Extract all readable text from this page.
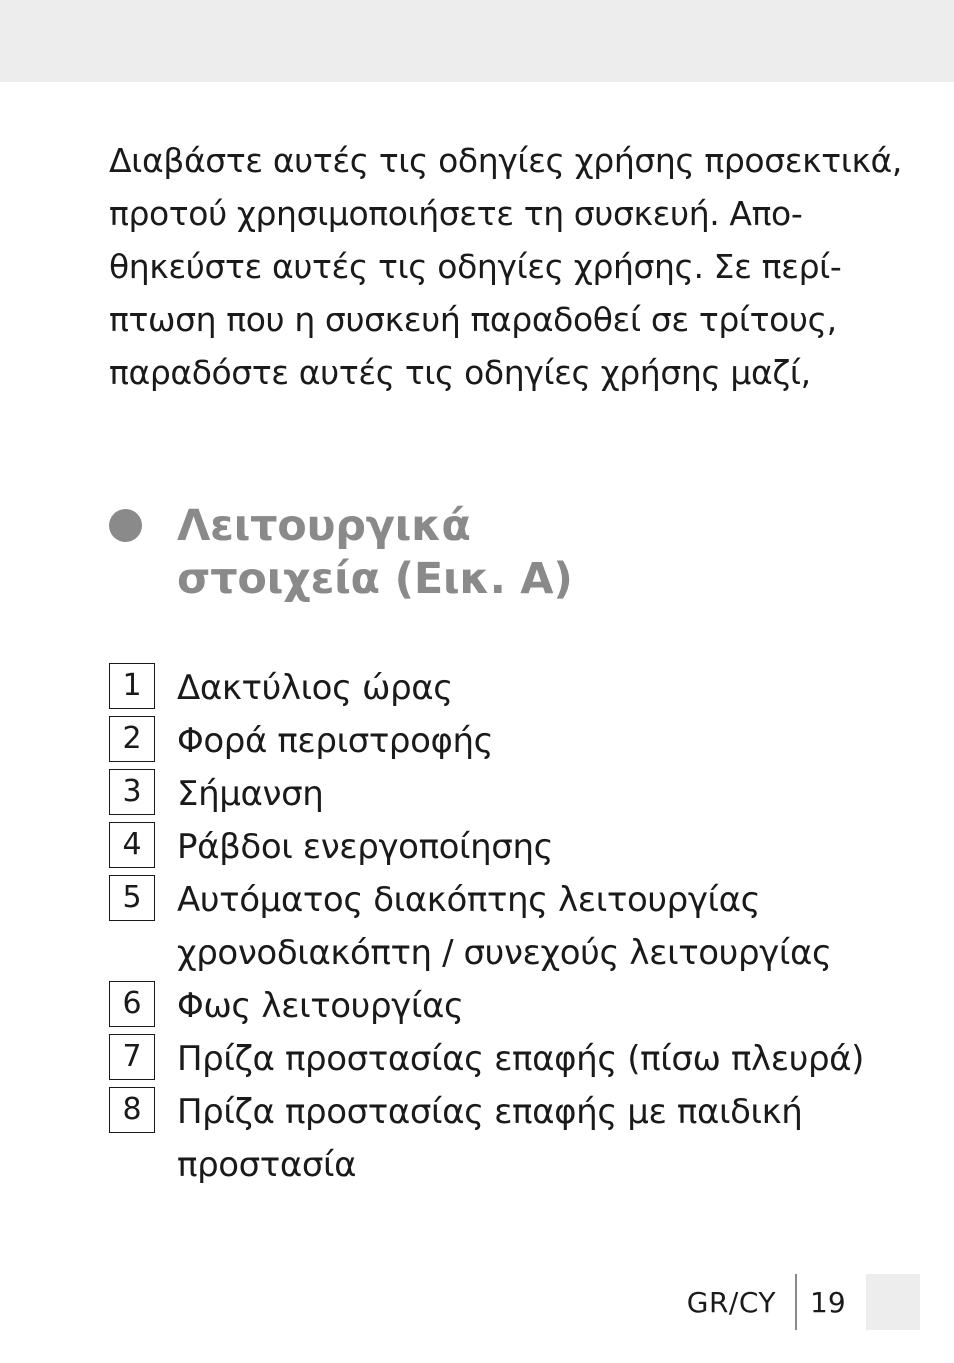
Διαβάστε αυτές τις οδηγίες χρήσης προσεκτικά,
προτού χρησιμοποιήσετε τη συσκευή. Απο-
θηκεύστε αυτές τις οδηγίες χρήσης. Σε περί-
πτωση που η συσκευή παραδοθεί σε τρίτους,
παραδόστε αυτές τις οδηγίες χρήσης μαζί,

Λειτουργικά
στοιχεία (Εικ. Α)
1	Δακτύλιος ώρας
2	Φορά περιστροφής
3	Σήμανση
4	Ράβδοι ενεργοποίησης
5	Αυτόματος διακόπτης λειτουργίας
χρονοδιακόπτη / συνεχούς λειτουργίας
6	Φως λειτουργίας
7	Πρίζα προστασίας επαφής (πίσω πλευρά)
8	Πρίζα προστασίας επαφής με παιδική
προστασία
GR/CY 19
